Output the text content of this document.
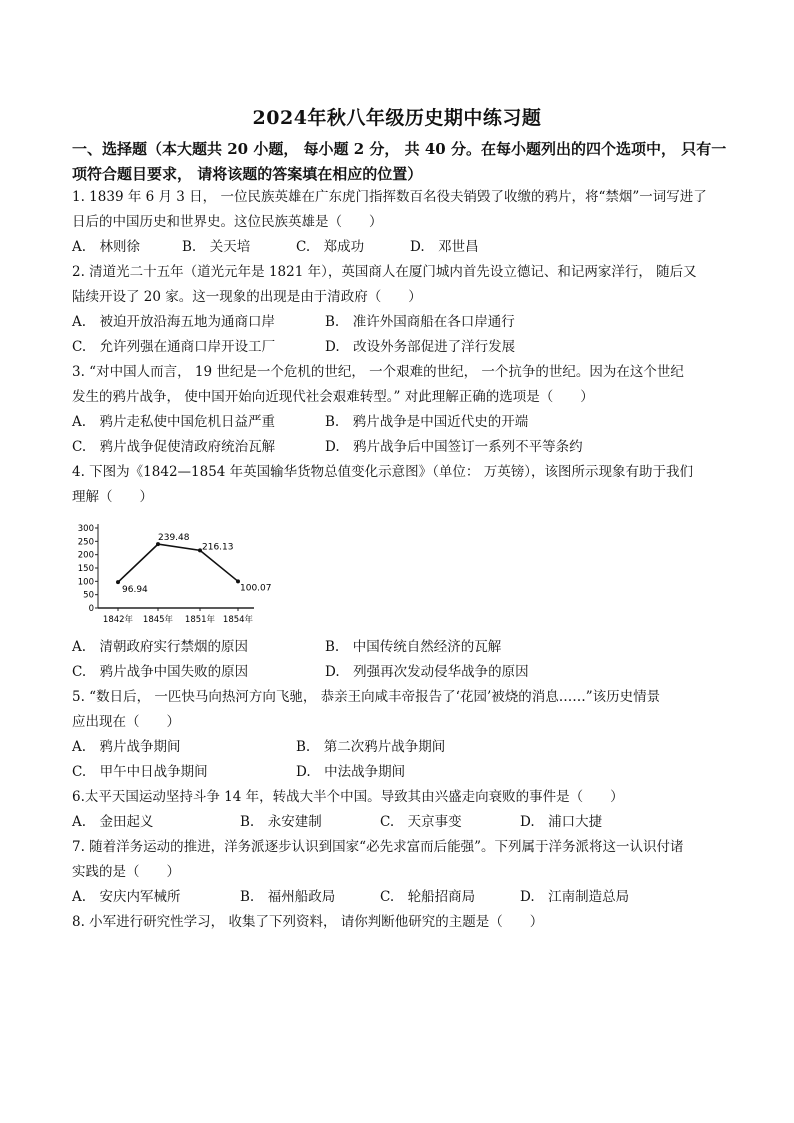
2024年秋八年级历史期中练习题
一、选择题（本大题共 20 小题， 每小题 2 分， 共 40 分。在每小题列出的四个选项中， 只有一项符合题目要求， 请将该题的答案填在相应的位置）
1. 1839 年 6 月 3 日， 一位民族英雄在广东虎门指挥数百名役夫销毁了收缴的鸦片，将“禁烟”一词写进了
日后的中国历史和世界史。这位民族英雄是（　　）
A.　林则徐	B.　关天培	C.　郑成功	D.　邓世昌
2. 清道光二十五年（道光元年是 1821 年），英国商人在厦门城内首先设立德记、和记两家洋行， 随后又
陆续开设了 20 家。这一现象的出现是由于清政府（　　）
A.　被迫开放沿海五地为通商口岸	B.　准许外国商船在各口岸通行
C.　允许列强在通商口岸开设工厂	D.　改设外务部促进了洋行发展
3. “对中国人而言， 19 世纪是一个危机的世纪， 一个艰难的世纪， 一个抗争的世纪。因为在这个世纪
发生的鸦片战争， 使中国开始向近现代社会艰难转型。” 对此理解正确的选项是（　　）
A.　鸦片走私使中国危机日益严重	B.　鸦片战争是中国近代史的开端
C.　鸦片战争促使清政府统治瓦解	D.　鸦片战争后中国签订一系列不平等条约
4. 下图为《1842—1854 年英国输华货物总值变化示意图》（单位： 万英镑），该图所示现象有助于我们
理解（　　）
0
50
100
150
200
250
300
1842年 1845年 1851年 1854年
96.94
239.48
216.13
100.07
A.　清朝政府实行禁烟的原因	B.　中国传统自然经济的瓦解
C.　鸦片战争中国失败的原因	D.　列强再次发动侵华战争的原因
5. “数日后， 一匹快马向热河方向飞驰， 恭亲王向咸丰帝报告了‘花园’被烧的消息……”该历史情景
应出现在（　　）
A.　鸦片战争期间	B.　第二次鸦片战争期间
C.　甲午中日战争期间	D.　中法战争期间
6.太平天国运动坚持斗争 14 年，转战大半个中国。导致其由兴盛走向衰败的事件是（　　）
A.　金田起义	B.　永安建制	C.　天京事变	D.　浦口大捷
7. 随着洋务运动的推进，洋务派逐步认识到国家“必先求富而后能强”。下列属于洋务派将这一认识付诸
实践的是（　　）
A.　安庆内军械所	B.　福州船政局	C.　轮船招商局	D.　江南制造总局
8. 小军进行研究性学习， 收集了下列资料， 请你判断他研究的主题是（　　）
